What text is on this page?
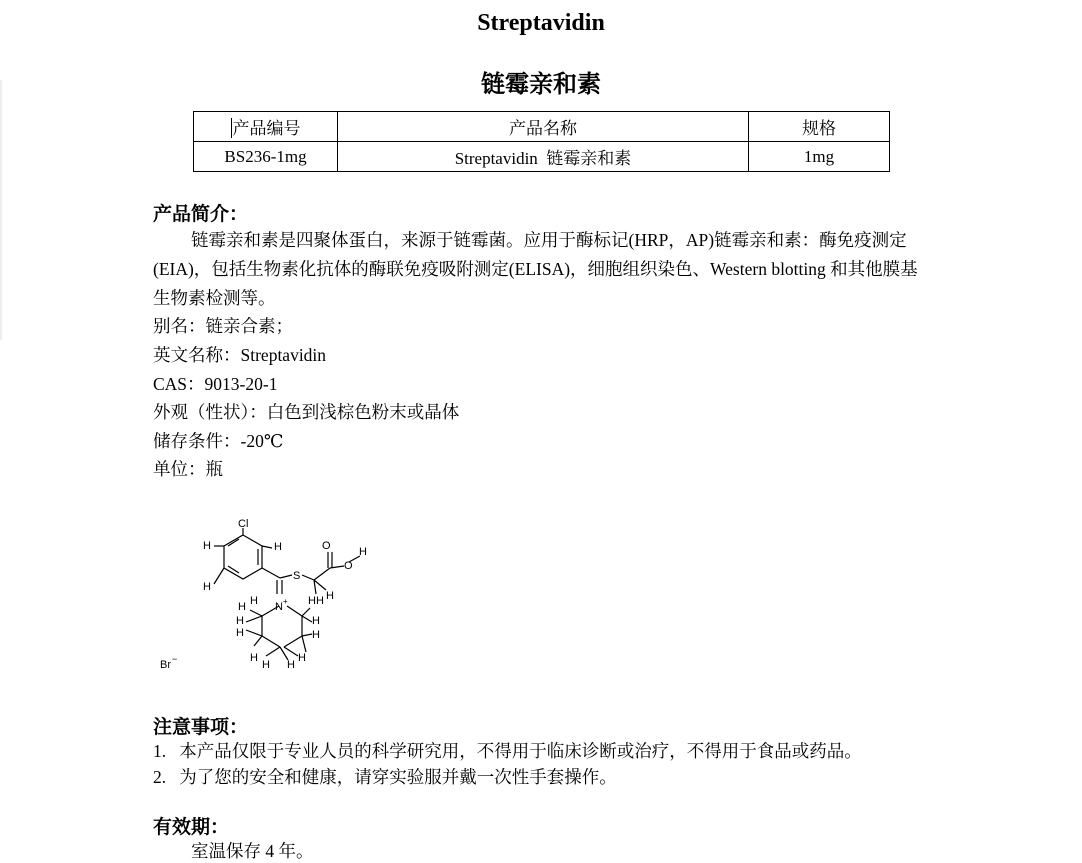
Streptavidin
链霉亲和素
产品编号	产品名称	规格
BS236-1mg	Streptavidin  链霉亲和素	1mg
产品简介：
链霉亲和素是四聚体蛋白，来源于链霉菌。应用于酶标记(HRP，AP)链霉亲和素：酶免疫测定(EIA)，包括生物素化抗体的酶联免疫吸附测定(ELISA)，细胞组织染色、Western blotting 和其他膜基生物素检测等。
别名：链亲合素；
英文名称：Streptavidin
CAS：9013-20-1
外观（性状）：白色到浅棕色粉末或晶体
储存条件：-20℃
单位：瓶
Cl
H	H
H
S
O
O
H
H H
H
H
H	N +
H
H
H
H
H
H H
H
Br −
注意事项：
1.   本产品仅限于专业人员的科学研究用，不得用于临床诊断或治疗，不得用于食品或药品。
2.   为了您的安全和健康，请穿实验服并戴一次性手套操作。
有效期：
室温保存 4 年。
